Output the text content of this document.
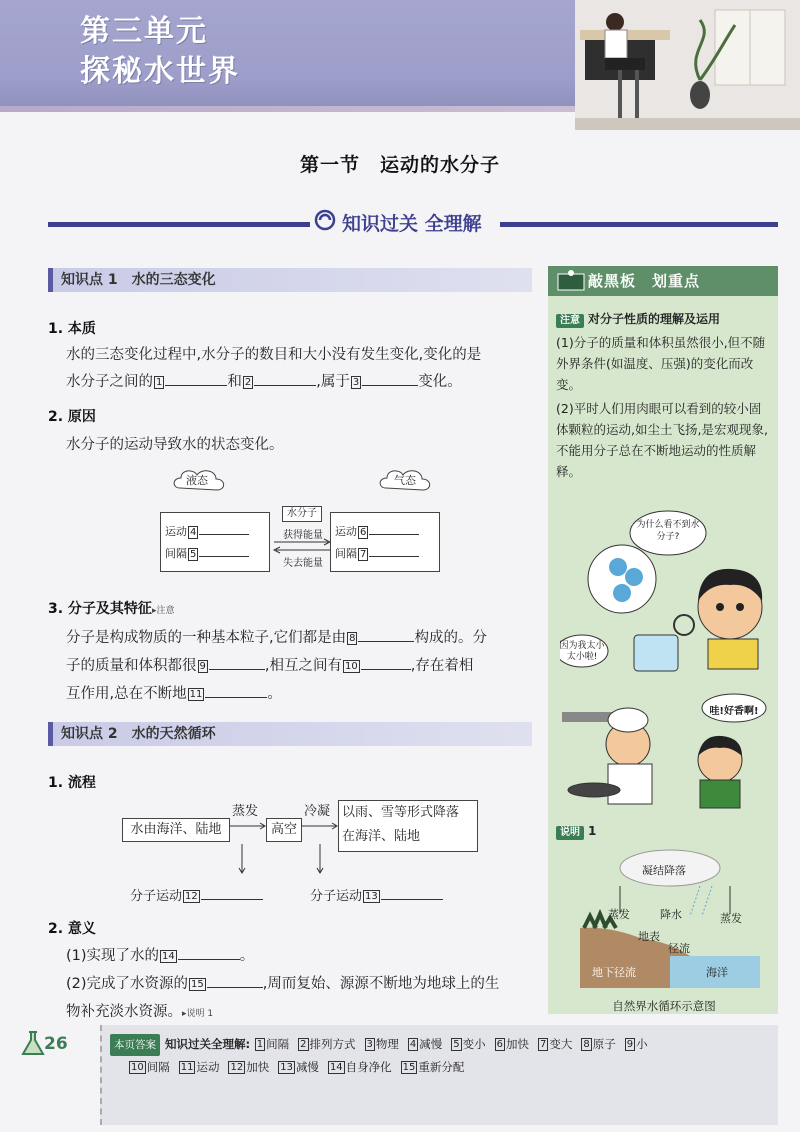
第三单元
探秘水世界
第一节　运动的水分子
知识过关 全理解
知识点 1　水的三态变化
1. 本质
水的三态变化过程中,水分子的数目和大小没有发生变化,变化的是
水分子之间的 1	和 2	,属于 3	变化。
2. 原因
水分子的运动导致水的状态变化。
液态	气态
运动 4
间隔 5
运动 6
间隔 7
水分子
获得能量
失去能量
3. 分子及其特征▸注意
分子是构成物质的一种基本粒子,它们都是由 8	构成的。分
子的质量和体积都很 9	,相互之间有 10	,存在着相
互作用,总在不断地 11	。
知识点 2　水的天然循环
1. 流程
水由海洋、陆地
蒸发
高空
冷凝 以雨、雪等形式降落
在海洋、陆地
分子运动 12	分子运动 13
2. 意义
(1)实现了水的 14	。
(2)完成了水资源的 15	,周而复始、源源不断地为地球上的生
物补充淡水资源。▸说明 1
敲黑板　划重点
注意 对分子性质的理解及运用
(1)分子的质量和体积虽然很小,但不随外界条件(如温度、压强)的变化而改变。
(2)平时人们用肉眼可以看到的较小固体颗粒的运动,如尘土飞扬,是宏观现象,不能用分子总在不断地运动的性质解释。
为什么看不到水分子?
因为我太小太小啦!
哇!好香啊!
说明 1
凝结降落
蒸发	降水	蒸发
地表
径流
地下径流	海洋
自然界水循环示意图
26	本页答案 知识过关全理解: 1 间隔 2 排列方式 3 物理 4 减慢 5 变小 6 加快 7 变大 8 原子 9 小
10 间隔 11 运动 12 加快 13 减慢 14 自身净化 15 重新分配
